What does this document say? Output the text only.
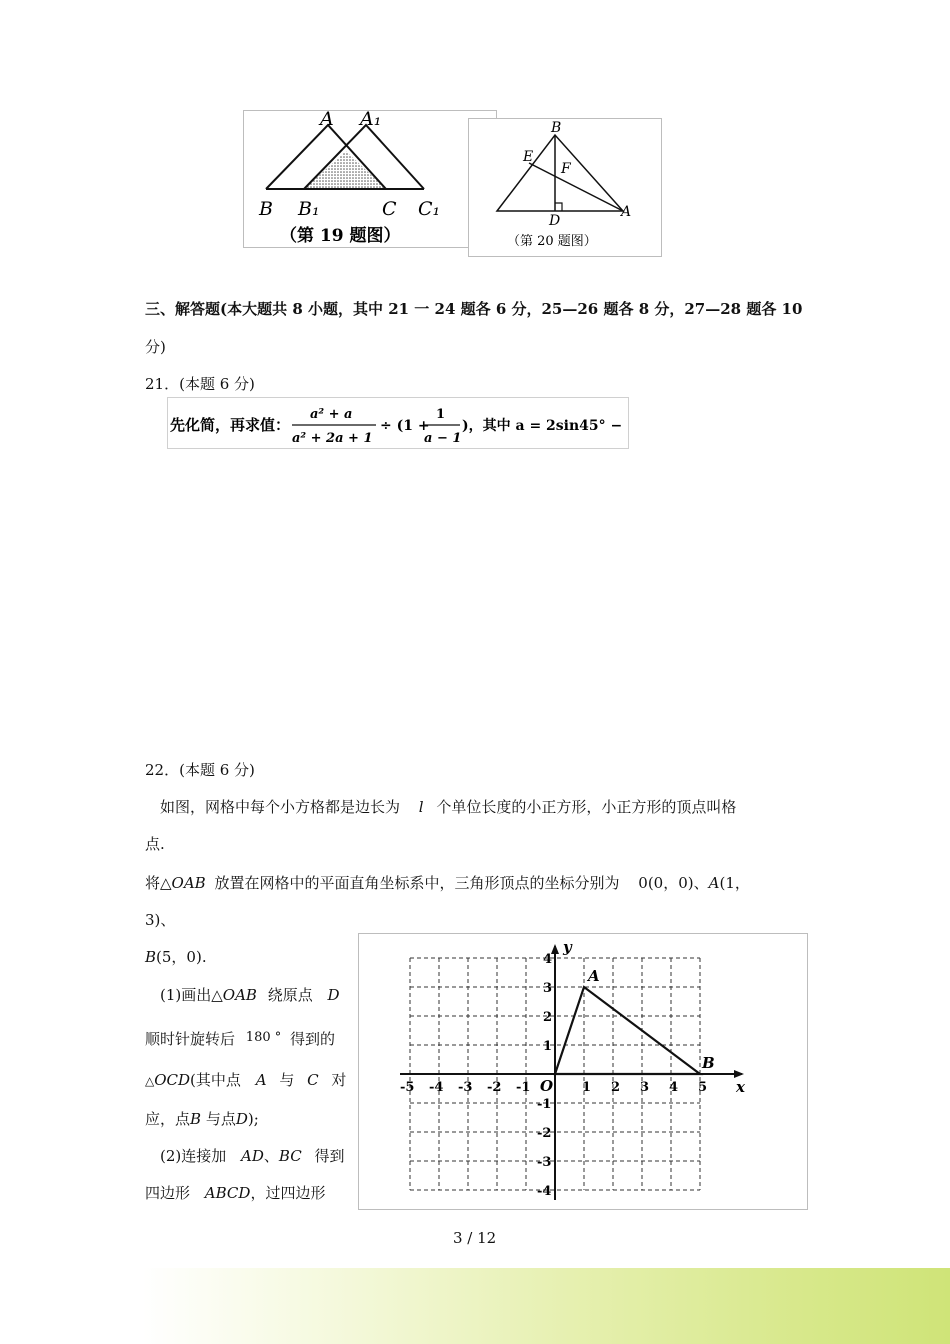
A A₁
B B₁	C C₁
（第 19 题图）
B
E
F
D
A
（第 20 题图）
三、解答题(本大题共 8 小题，其中 21 一 24 题各 6 分，25—26 题各 8 分，27—28 题各 10
分)
21．(本题 6 分)
先化简，再求值：
a² + a
a² + 2a + 1
÷ (1 +
1
a − 1
)，其中 a = 2sin45° − 1.
22．(本题 6 分)
如图，网格中每个小方格都是边长为 l 个单位长度的小正方形，小正方形的顶点叫格
点.
将△OAB 放置在网格中的平面直角坐标系中，三角形顶点的坐标分别为 0(0，0)、A(1，
3)、
B(5，0).
(1)画出△OAB 绕原点 D
顺时针旋转后 180 ° 得到的
△OCD(其中点 A 与 C 对
应，点B 与点D);
(2)连接加 AD、BC 得到
四边形 ABCD，过四边形
x
y
O
-5 -4 -3 -2 -1	1 2 3 4 5
4
3
2
1
-1
-2
-3
-4
A
B
3 / 12
